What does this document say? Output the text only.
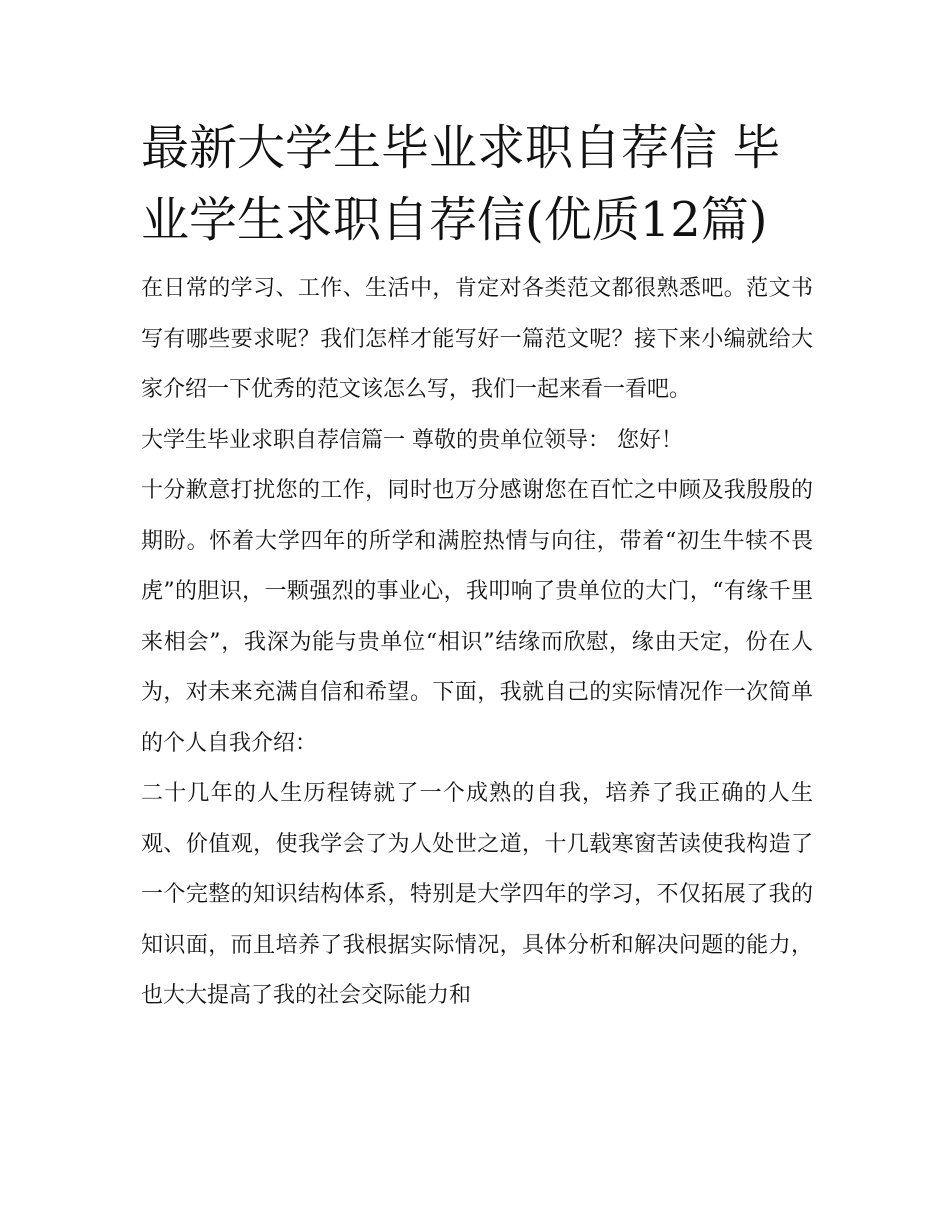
最新大学生毕业求职自荐信 毕业学生求职自荐信(优质12篇)

在日常的学习、工作、生活中，肯定对各类范文都很熟悉吧。范文书写有哪些要求呢？我们怎样才能写好一篇范文呢？接下来小编就给大家介绍一下优秀的范文该怎么写，我们一起来看一看吧。

大学生毕业求职自荐信篇一 尊敬的贵单位领导： 您好！

十分歉意打扰您的工作，同时也万分感谢您在百忙之中顾及我殷殷的期盼。怀着大学四年的所学和满腔热情与向往，带着“初生牛犊不畏虎”的胆识，一颗强烈的事业心，我叩响了贵单位的大门，“有缘千里来相会”，我深为能与贵单位“相识”结缘而欣慰，缘由天定，份在人为，对未来充满自信和希望。下面，我就自己的实际情况作一次简单的个人自我介绍：

二十几年的人生历程铸就了一个成熟的自我，培养了我正确的人生观、价值观，使我学会了为人处世之道，十几载寒窗苦读使我构造了一个完整的知识结构体系，特别是大学四年的学习，不仅拓展了我的知识面，而且培养了我根据实际情况，具体分析和解决问题的能力，也大大提高了我的社会交际能力和
